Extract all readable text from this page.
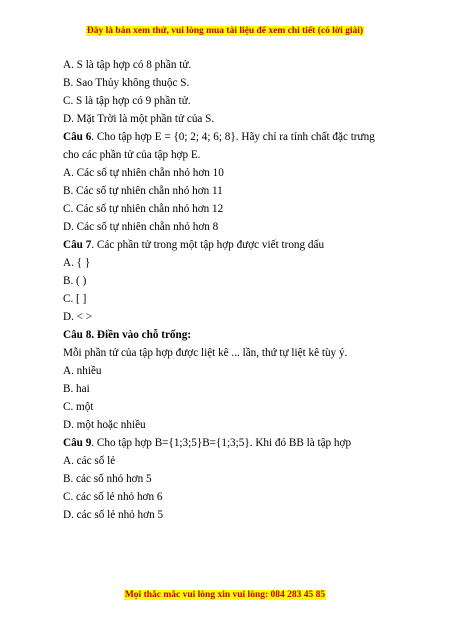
Đây là bản xem thử, vui lòng mua tài liệu để xem chi tiết (có lời giải)
A. S là tập hợp có 8 phần tử.
B. Sao Thủy không thuộc S.
C. S là tập hợp có 9 phần tử.
D. Mặt Trời là một phần tử của S.
Câu 6. Cho tập hợp E = {0; 2; 4; 6; 8}. Hãy chỉ ra tính chất đặc trưng cho các phần tử của tập hợp E.
A. Các số tự nhiên chẵn nhỏ hơn 10
B. Các số tự nhiên chẵn nhỏ hơn 11
C. Các số tự nhiên chẵn nhỏ hơn 12
D. Các số tự nhiên chẵn nhỏ hơn 8
Câu 7. Các phần tử trong một tập hợp được viết trong dấu
A. { }
B. ( )
C. [ ]
D. < >
Câu 8. Điền vào chỗ trống:
Mỗi phần tử của tập hợp được liệt kê ... lần, thứ tự liệt kê tùy ý.
A. nhiều
B. hai
C. một
D. một hoặc nhiều
Câu 9. Cho tập hợp B={1;3;5}B={1;3;5}. Khi đó BB là tập hợp
A. các số lẻ
B. các số nhỏ hơn 5
C. các số lẻ nhỏ hơn 6
D. các số lẻ nhỏ hơn 5
Mọi thắc mắc vui lòng xin vui lòng: 084 283 45 85
